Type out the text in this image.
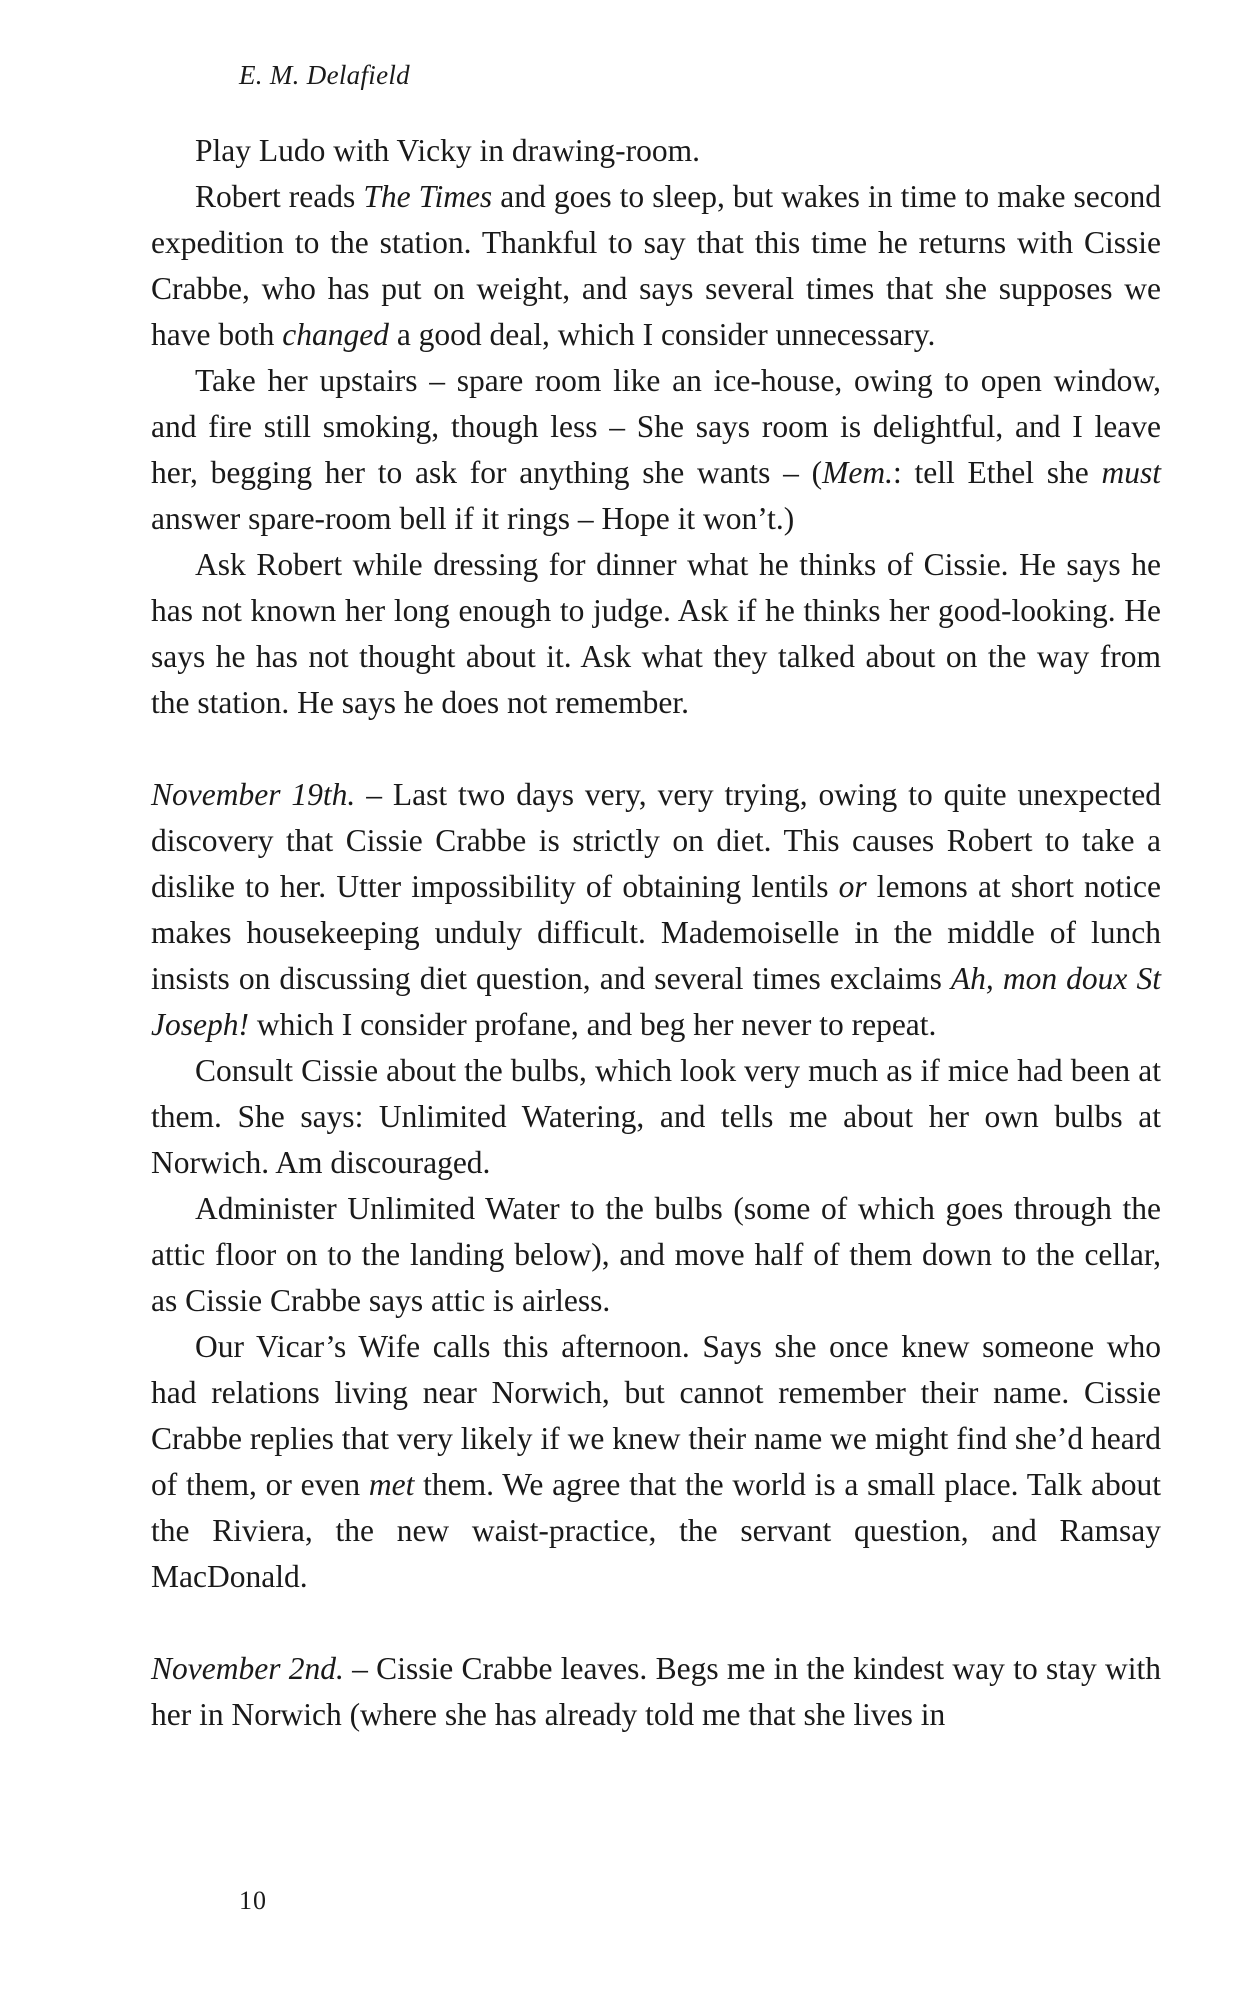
E. M. Delafield

Play Ludo with Vicky in drawing-room.

Robert reads The Times and goes to sleep, but wakes in time to make second expedition to the station. Thankful to say that this time he returns with Cissie Crabbe, who has put on weight, and says several times that she supposes we have both changed a good deal, which I consider unnecessary.

Take her upstairs – spare room like an ice-house, owing to open window, and fire still smoking, though less – She says room is delightful, and I leave her, begging her to ask for anything she wants – (Mem.: tell Ethel she must answer spare-room bell if it rings – Hope it won’t.)

Ask Robert while dressing for dinner what he thinks of Cissie. He says he has not known her long enough to judge. Ask if he thinks her good-looking. He says he has not thought about it. Ask what they talked about on the way from the station. He says he does not remember.

November 19th. – Last two days very, very trying, owing to quite unexpected discovery that Cissie Crabbe is strictly on diet. This causes Robert to take a dislike to her. Utter impossibility of obtaining lentils or lemons at short notice makes housekeeping unduly difficult. Mademoiselle in the middle of lunch insists on discussing diet question, and several times exclaims Ah, mon doux St Joseph! which I consider profane, and beg her never to repeat.

Consult Cissie about the bulbs, which look very much as if mice had been at them. She says: Unlimited Watering, and tells me about her own bulbs at Norwich. Am discouraged.

Administer Unlimited Water to the bulbs (some of which goes through the attic floor on to the landing below), and move half of them down to the cellar, as Cissie Crabbe says attic is airless.

Our Vicar’s Wife calls this afternoon. Says she once knew someone who had relations living near Norwich, but cannot remember their name. Cissie Crabbe replies that very likely if we knew their name we might find she’d heard of them, or even met them. We agree that the world is a small place. Talk about the Riviera, the new waist-practice, the servant question, and Ramsay MacDonald.

November 2nd. – Cissie Crabbe leaves. Begs me in the kindest way to stay with her in Norwich (where she has already told me that she lives in

10
